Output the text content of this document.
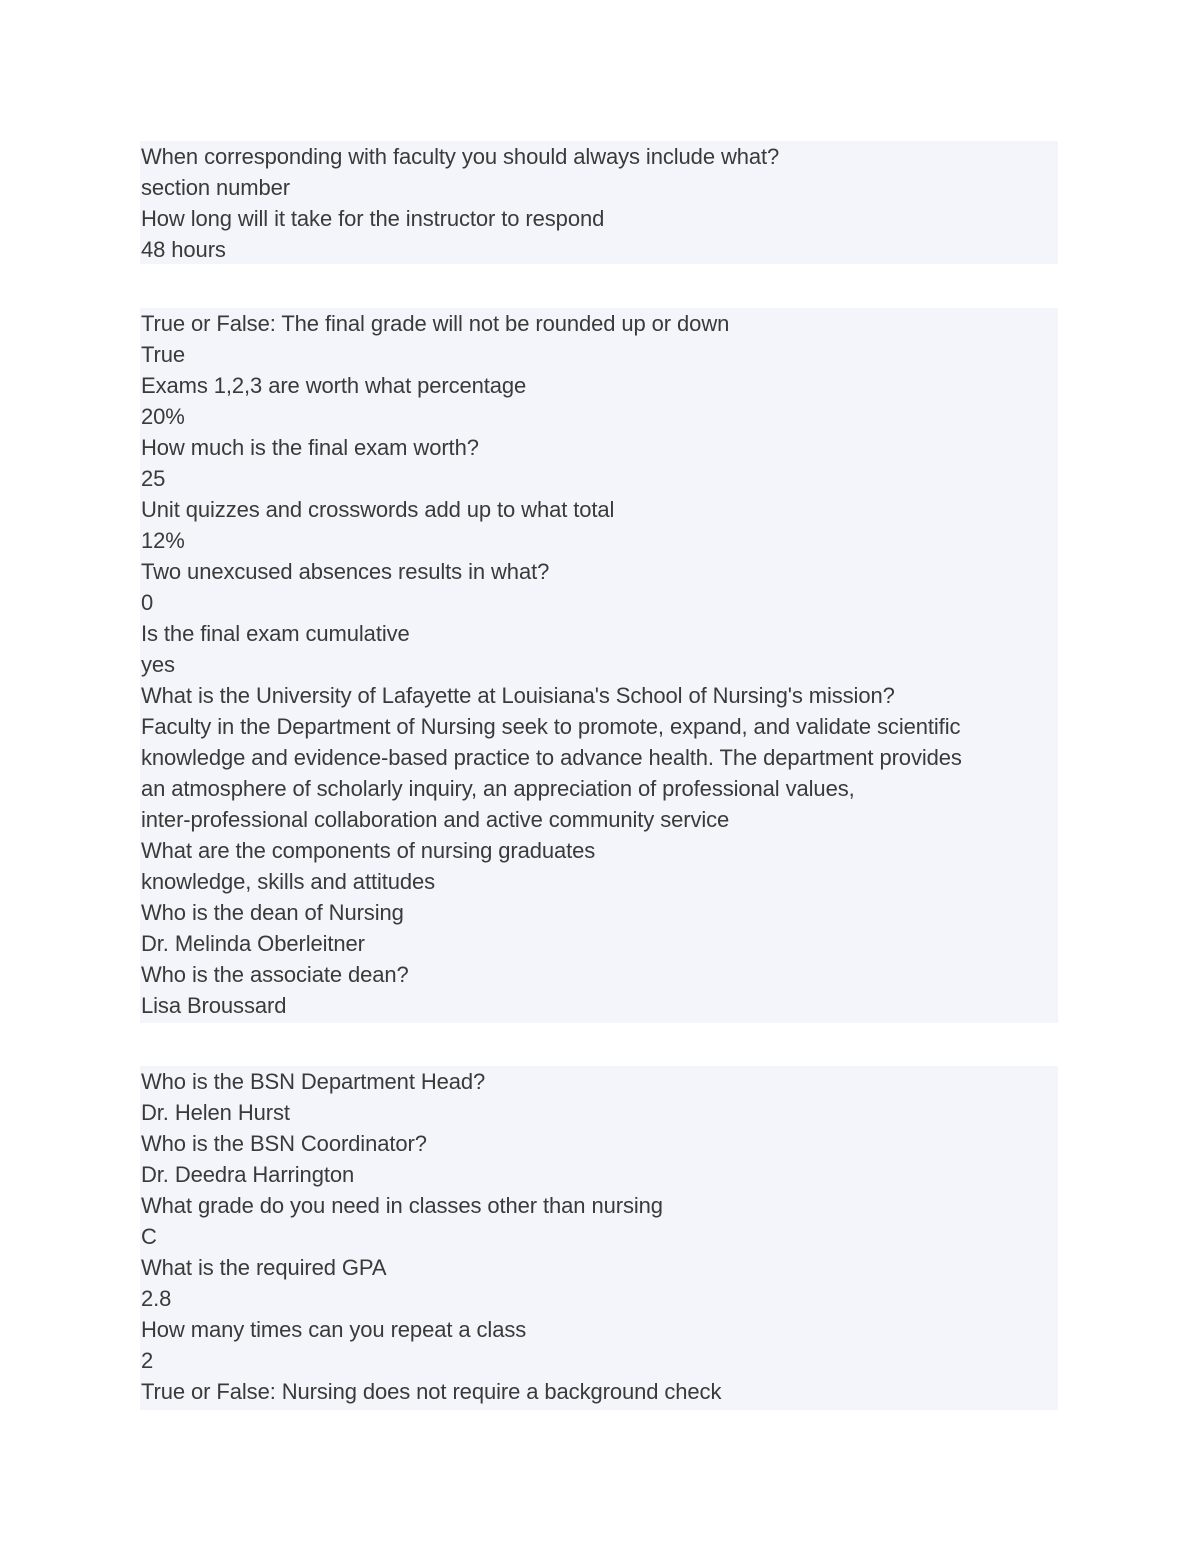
When corresponding with faculty you should always include what?
section number
How long will it take for the instructor to respond
48 hours
True or False: The final grade will not be rounded up or down
True
Exams 1,2,3 are worth what percentage
20%
How much is the final exam worth?
25
Unit quizzes and crosswords add up to what total
12%
Two unexcused absences results in what?
0
Is the final exam cumulative
yes
What is the University of Lafayette at Louisiana's School of Nursing's mission?
Faculty in the Department of Nursing seek to promote, expand, and validate scientific
knowledge and evidence-based practice to advance health. The department provides
an atmosphere of scholarly inquiry, an appreciation of professional values,
inter-professional collaboration and active community service
What are the components of nursing graduates
knowledge, skills and attitudes
Who is the dean of Nursing
Dr. Melinda Oberleitner
Who is the associate dean?
Lisa Broussard
Who is the BSN Department Head?
Dr. Helen Hurst
Who is the BSN Coordinator?
Dr. Deedra Harrington
What grade do you need in classes other than nursing
C
What is the required GPA
2.8
How many times can you repeat a class
2
True or False: Nursing does not require a background check
